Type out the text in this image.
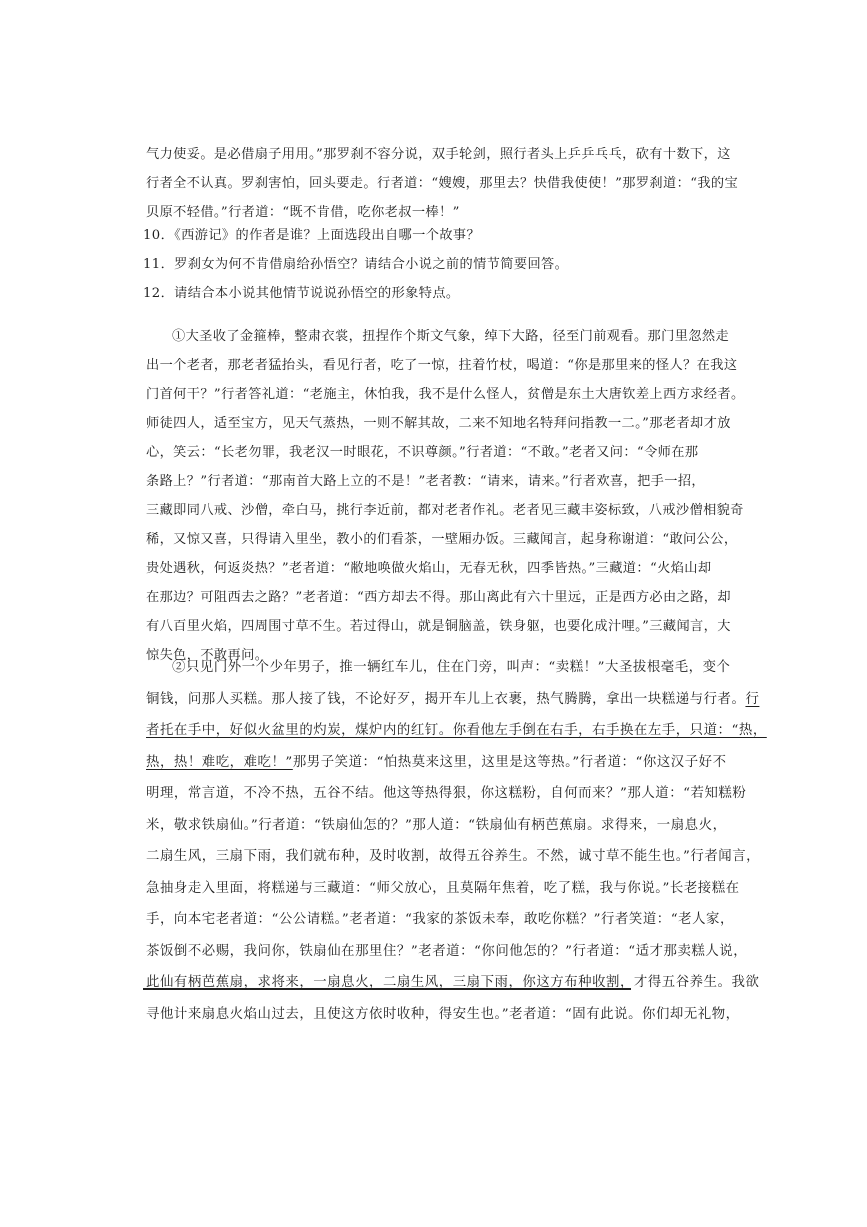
气力使妥。是必借扇子用用。”那罗刹不容分说，双手轮剑，照行者头上乒乒乓乓，砍有十数下，这
行者全不认真。罗刹害怕，回头要走。行者道：“嫂嫂，那里去？快借我使使！”那罗刹道：“我的宝
贝原不轻借。”行者道：“既不肯借，吃你老叔一棒！”
10．《西游记》的作者是谁？上面选段出自哪一个故事？
11．罗刹女为何不肯借扇给孙悟空？请结合小说之前的情节简要回答。
12．请结合本小说其他情节说说孙悟空的形象特点。
①大圣收了金箍棒，整肃衣裳，扭捏作个斯文气象，绰下大路，径至门前观看。那门里忽然走
出一个老者，那老者猛抬头，看见行者，吃了一惊，拄着竹杖，喝道：“你是那里来的怪人？在我这
门首何干？”行者答礼道：“老施主，休怕我，我不是什么怪人，贫僧是东土大唐钦差上西方求经者。
师徒四人，适至宝方，见天气蒸热，一则不解其故，二来不知地名特拜问指教一二。”那老者却才放
心，笑云：“长老勿罪，我老汉一时眼花，不识尊颜。”行者道：“不敢。”老者又问：“令师在那
条路上？”行者道：“那南首大路上立的不是！”老者教：“请来，请来。”行者欢喜，把手一招，
三藏即同八戒、沙僧，牵白马，挑行李近前，都对老者作礼。老者见三藏丰姿标致，八戒沙僧相貌奇
稀，又惊又喜，只得请入里坐，教小的们看茶，一壁厢办饭。三藏闻言，起身称谢道：“敢问公公，
贵处遇秋，何返炎热？”老者道：“敝地唤做火焰山，无春无秋，四季皆热。”三藏道：“火焰山却
在那边？可阻西去之路？”老者道：“西方却去不得。那山离此有六十里远，正是西方必由之路，却
有八百里火焰，四周围寸草不生。若过得山，就是铜脑盖，铁身躯，也要化成汁哩。”三藏闻言，大
惊失色，不敢再问。
②只见门外一个少年男子，推一辆红车儿，住在门旁，叫声：“卖糕！”大圣拔根毫毛，变个
铜钱，问那人买糕。那人接了钱，不论好歹，揭开车儿上衣裹，热气腾腾，拿出一块糕递与行者。行
者托在手中，好似火盆里的灼炭，煤炉内的红钉。你看他左手倒在右手，右手换在左手，只道：“热，
热，热！难吃，难吃！”那男子笑道：“怕热莫来这里，这里是这等热。”行者道：“你这汉子好不
明理，常言道，不冷不热，五谷不结。他这等热得狠，你这糕粉，自何而来？”那人道：“若知糕粉
米，敬求铁扇仙。”行者道：“铁扇仙怎的？”那人道：“铁扇仙有柄芭蕉扇。求得来，一扇息火，
二扇生风，三扇下雨，我们就布种，及时收割，故得五谷养生。不然，诚寸草不能生也。”行者闻言，
急抽身走入里面，将糕递与三藏道：“师父放心，且莫隔年焦着，吃了糕，我与你说。”长老接糕在
手，向本宅老者道：“公公请糕。”老者道：“我家的茶饭未奉，敢吃你糕？”行者笑道：“老人家，
茶饭倒不必赐，我问你，铁扇仙在那里住？”老者道：“你问他怎的？”行者道：“适才那卖糕人说，
此仙有柄芭蕉扇，求将来，一扇息火，二扇生风，三扇下雨，你这方布种收割，才得五谷养生。我欲
寻他计来扇息火焰山过去，且使这方依时收种，得安生也。”老者道：“固有此说。你们却无礼物，
